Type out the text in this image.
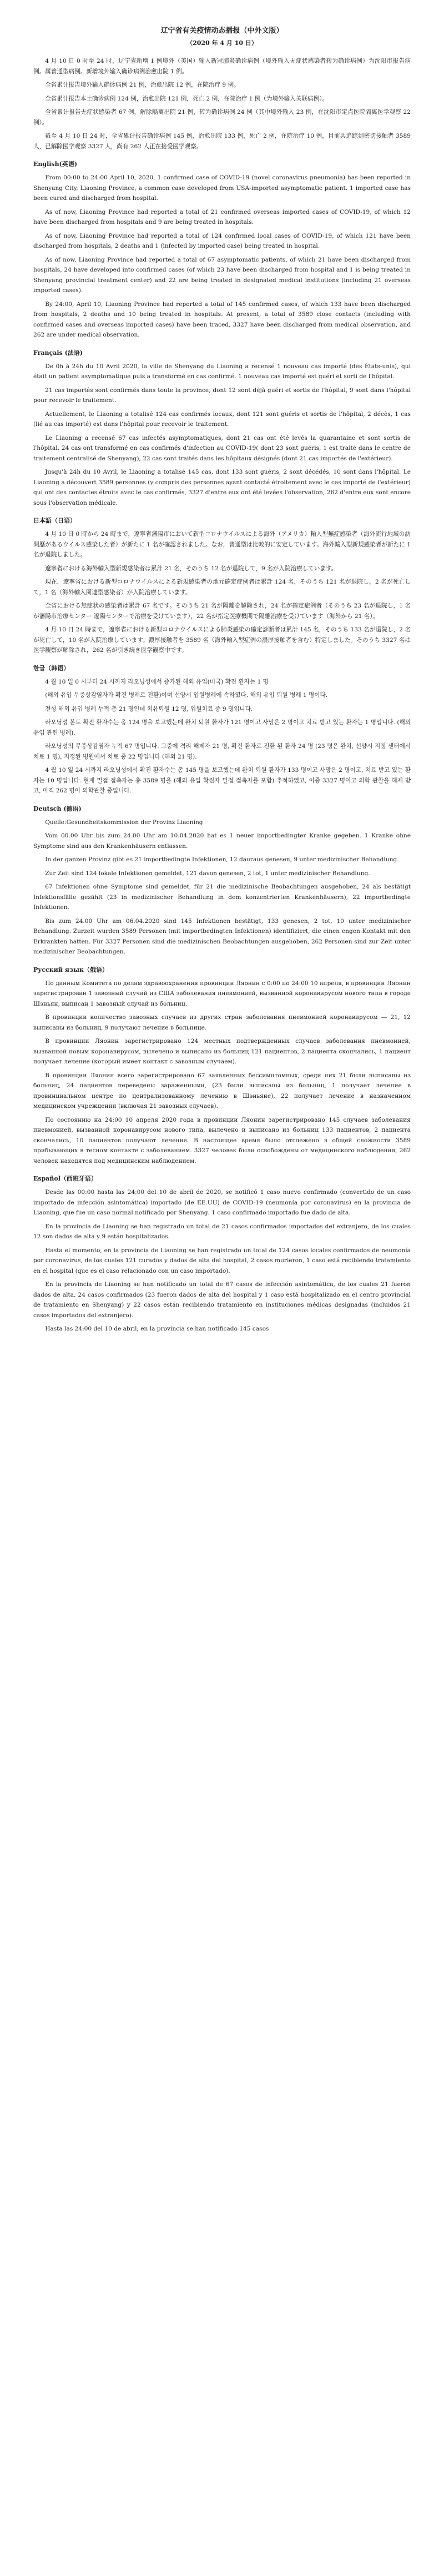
辽宁省有关疫情动态播报（中外文版）
（2020 年 4 月 10 日）

4 月 10 日 0 时至 24 时，辽宁省新增 1 例境外（美国）输入新冠肺炎确诊病例（境外输入无症状感染者转为确诊病例）为沈阳市报告病例。属普通型病例。新增境外输入确诊病例治愈出院 1 例。

全省累计报告境外输入确诊病例 21 例，治愈出院 12 例，在院治疗 9 例。

全省累计报告本土确诊病例 124 例，治愈出院 121 例，死亡 2 例，在院治疗 1 例（为境外输入关联病例）。

全省累计报告无症状感染者 67 例，解除隔离出院 21 例，转为确诊病例 24 例（其中境外输入 23 例，在沈阳市定点医院隔离医学观察 22 例）。

截至 4 月 10 日 24 时，全省累计报告确诊病例 145 例，治愈出院 133 例，死亡 2 例，在院治疗 10 例，目前共追踪到密切接触者 3589 人，已解除医学观察 3327 人，尚有 262 人正在接受医学观察。

English(英语)

From 00:00 to 24:00 April 10, 2020, 1 confirmed case of COVID-19 (novel coronavirus pneumonia) has been reported in Shenyang City, Liaoning Province, a common case developed from USA-imported asymptomatic patient. 1 imported case has been cured and discharged from hospital.

As of now, Liaoning Province had reported a total of 21 confirmed overseas imported cases of COVID-19, of which 12 have been discharged from hospitals and 9 are being treated in hospitals.

As of now, Liaoning Province had reported a total of 124 confirmed local cases of COVID-19, of which 121 have been discharged from hospitals, 2 deaths and 1 (infected by imported case) being treated in hospital.

As of now, Liaoning Province had reported a total of 67 asymptomatic patients, of which 21 have been discharged from hospitals, 24 have developed into confirmed cases (of which 23 have been discharged from hospital and 1 is being treated in Shenyang provincial treatment center) and 22 are being treated in designated medical institutions (including 21 overseas imported cases).

By 24:00, April 10, Liaoning Province had reported a total of 145 confirmed cases, of which 133 have been discharged from hospitals, 2 deaths and 10 being treated in hospitals. At present, a total of 3589 close contacts (including with confirmed cases and overseas imported cases) have been traced, 3327 have been discharged from medical observation, and 262 are under medical observation.

Français (法语)

De 0h à 24h du 10 Avril 2020, la ville de Shenyang du Liaoning a recensé 1 nouveau cas importé (des États-unis), qui était un patient asymptomatique puis a transformé en cas confirmé. 1 nouveau cas importé est guéri et sorti de l'hôpital.

21 cas importés sont confirmés dans toute la province, dont 12 sont déjà guéri et sortis de l'hôpital, 9 sont dans l'hôpital pour recevoir le traitement.

Actuellement, le Liaoning a totalisé 124 cas confirmés locaux, dont 121 sont guéris et sortis de l'hôpital, 2 décès, 1 cas (lié au cas importé) est dans l'hôpital pour recevoir le traitement.

Le Liaoning a recensé 67 cas infectés asymptomatiques, dont 21 cas ont été levés la quarantaine et sont sortis de l'hôpital, 24 cas ont transformé en cas confirmés d'infection au COVID-19( dont 23 sont guéris, 1 est traité dans le centre de traitement centralisé de Shenyang), 22 cas sont traités dans les hôpitaux désignés (dont 21 cas importés de l'extérieur).

Jusqu'à 24h du 10 Avril, le Liaoning a totalisé 145 cas, dont 133 sont guéris, 2 sont décédés, 10 sont dans l'hôpital. Le Liaoning a découvert 3589 personnes (y compris des personnes ayant contacté étroitement avec le cas importé de l'extérieur) qui ont des contactes étroits avec le cas confirmés, 3327 d'entre eux ont été levées l'observation, 262 d'entre eux sont encore sous l'observation médicale.

日本語（日语）

4 月 10 日 0 時から 24 時まで，遼寧省瀋陽市において新型コロナウイルスによる海外（アメリカ）輸入型無症感染者（海外流行地域の訪問歴があるウイルス感染した者）が新たに 1 名が確認されました。なお，普通型は比較的に安定しています。海外輸入型新規感染者が新たに 1 名が退院しました。

遼寧省における海外輸入型新規感染者は累計 21 名，そのうち 12 名が退院して，9 名が入院治療しています。

現在，遼寧省における新型コロナウイルスによる新規感染者の地元確定症例者は累計 124 名，そのうち 121 名が退院し，2 名が死亡して，1 名（海外輸入関連型感染者）が入院治療しています。

全省における無症状の感染者は累計 67 名です。そのうち 21 名が隔離を解除され，24 名が確定症例者（そのうち 23 名が退院し，1 名が瀋陽市治療センター 遼陽センターで治療を受けています），22 名が指定医療機関で隔離治療を受けています（海外から 21 名）。

4 月 10 日 24 時まで，遼寧省における新型コロナウイルスによる肺炎感染の確定診断者は累計 145 名，そのうち 133 名が退院し，2 名が死亡して，10 名が入院治療しています。濃厚接触者を 3589 名（海外輸入型症例の濃厚接触者を含む）特定しました。そのうち 3327 名は医学観察が解除され，262 名が引き続き医学観察中です。

한글（韩语）

4 월 10 일 0 시부터 24 시까지 라오닝성에서 증가된 해외 유입(미국) 확진 환자는 1 명

(해외 유입 무증상감염자가 확진 병례로 전환)이며 선양시 입원병례에 속하였다. 해외 유입 퇴원 병례 1 명이다.

전성 해외 유입 병례 누적 총 21 명인데 치유퇴원 12 명, 입원치료 중 9 명입니다.

라오닝성 본토 확진 환자수는 총 124 명을 보고했는데 완치 퇴원 환자가 121 명이고 사망은 2 명이고 치료 받고 있는 환자는 1 명입니다. (해외 유입 관련 병례).

라오닝성의 무증상감염자 누적 67 명입니다. 그중에 격리 해제자 21 명, 확진 환자로 전환 된 환자 24 명 (23 명은 완치, 선양시 지정 센터에서 치료 1 명), 지정된 병원에서 치료 중 22 명입니다 (해외 21 명).

4 월 10 일 24 시까지 라오닝성에서 확진 환자수는 총 145 명을 보고했는데 완치 퇴원 환자가 133 명이고 사망은 2 명이고, 치료 받고 있는 환자는 10 명입니다. 현재 밀접 접촉자는 총 3589 명을 (해외 유입 확진자 밀접 접촉자를 포함) 추적하였고, 이중 3327 명이고 의학 관찰을 해제 받고, 아직 262 명이 의학관찰 중입니다.

Deutsch (德语)

Quelle:Gesundheitskommission der Provinz Liaoning

Vom 00.00 Uhr bis zum 24.00 Uhr am 10.04.2020 hat es 1 neuer importbedingter Kranke gegeben. 1 Kranke ohne Symptome sind aus den Krankenhäusern entlassen.

In der ganzen Provinz gibt es 21 importbedingte Infektionen, 12 dauraus genesen, 9 unter medizinischer Behandlung.

Zur Zeit sind 124 lokale Infektionen gemeldet, 121 davon genesen, 2 tot, 1 unter medizinischer Behandlung.

67 Infektionen ohne Symptome sind gemeldet, für 21 die medizinische Beobachtungen ausgehoben, 24 als bestätigt Infektionsfälle gezählt (23 in medizinischer Behandlung in dem konzentrierten Krankenhäusern), 22 importbedingte Infektionen.

Bis zum 24.00 Uhr am 06.04.2020 sind 145 Infektionen bestätigt, 133 genesen, 2 tot, 10 unter medizinischer Behandlung. Zurzeit wurden 3589 Personen (mit importbedingten Infektionen) identifiziert, die einen engen Kontakt mit den Erkrankten hatten. Für 3327 Personen sind die medizinischen Beobachtungen ausgehoben, 262 Personen sind zur Zeit unter medizinischer Beobachtungen.

Русский язык（俄语）

По данным Комитета по делам здравоохранения провинции Ляонин с 0:00 по 24:00 10 апреля, в провинции Ляонин зарегистрирован 1 завозный случай из США заболевания пневмонией, вызванной коронавирусом нового типа в городе Шэньян, выписан 1 завозный случай из больниц.

В провинции количество завозных случаев из других стран заболевания пневмонией коронавирусом — 21, 12 выписаны из больниц, 9 получают лечение в больнице.

В провинции Ляонин зарегистрировано 124 местных подтвержденных случаев заболевания пневмонией, вызванной новым коронавирусом, вылечено и выписано из больниц 121 пациентов, 2 пациента скончались, 1 пациент получает лечение (который имеет контакт с завозным случаем).

В провинции Ляонин всего зарегистрировано 67 заявленных бессимптомных, среди них 21 были выписаны из больниц, 24 пациентов переведены зараженными, (23 были выписаны из больниц, 1 получает лечение в провинциальном центре по централизованному лечению в Шэньяне), 22 получает лечение в назначенном медицинском учреждении (включая 21 завозных случаев).

По состоянию на 24:00 10 апреля 2020 года в провинции Ляонин зарегистрировано 145 случаев заболевания пневмонией, вызванной коронавирусом нового типа, вылечено и выписано из больниц 133 пациентов, 2 пациента скончались, 10 пациентов получают лечение. В настоящее время было отслежено в общей сложности 3589 прибывающих в тесном контакте с заболеванием. 3327 человек были освобождены от медицинского наблюдения, 262 человек находятся под медицинским наблюдением.

Español（西班牙语）

Desde las 00:00 hasta las 24:00 del 10 de abril de 2020, se notificó 1 caso nuevo confirmado (convertido de un caso importado de infección asintomática) importado (de EE.UU) de COVID-19 (neumonía por coronavirus) en la provincia de Liaoning, que fue un caso normal notificado por Shenyang. 1 caso confirmado importado fue dado de alta.

En la provincia de Liaoning se han registrado un total de 21 casos confirmados importados del extranjero, de los cuales 12 son dados de alta y 9 están hospitalizados.

Hasta el momento, en la provincia de Liaoning se han registrado un total de 124 casos locales confirmados de neumonía por coronavirus, de los cuales 121 curados y dados de alta del hospital, 2 casos murieron, 1 caso está recibiendo tratamiento en el hospital (que es el caso relacionado con un caso importado).

En la provincia de Liaoning se han notificado un total de 67 casos de infección asintomática, de los cuales 21 fueron dados de alta, 24 casos confirmados (23 fueron dados de alta del hospital y 1 caso está hospitalizado en el centro provincial de tratamiento en Shenyang) y 22 casos están recibiendo tratamiento en instituciones médicas designadas (incluidos 21 casos importados del extranjero).

Hasta las 24:00 del 10 de abril, en la provincia se han notificado 145 casos
